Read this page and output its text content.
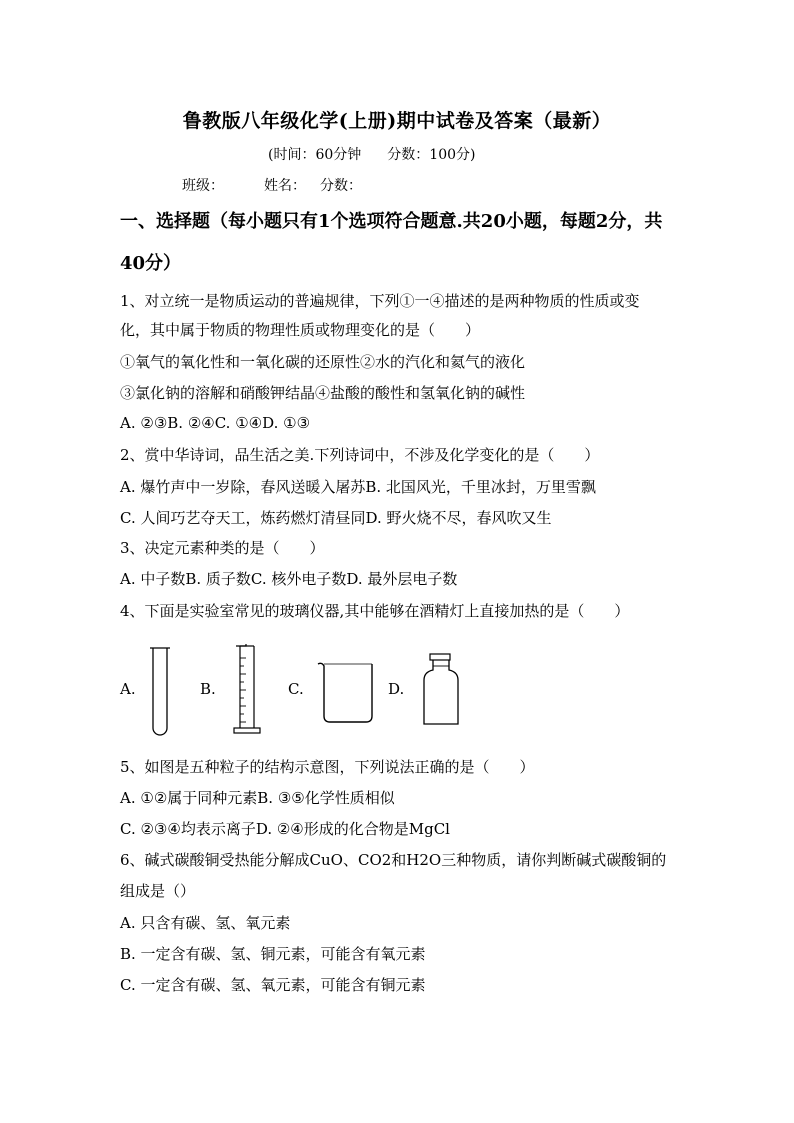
鲁教版八年级化学(上册)期中试卷及答案（最新）
(时间：60分钟 分数：100分)
班级：	姓名： 分数：
一、选择题（每小题只有1个选项符合题意.共20小题，每题2分，共
40分）
1、对立统一是物质运动的普遍规律，下列①一④描述的是两种物质的性质或变
化，其中属于物质的物理性质或物理变化的是（　　）
①氧气的氧化性和一氧化碳的还原性②水的汽化和氦气的液化
③氯化钠的溶解和硝酸钾结晶④盐酸的酸性和氢氧化钠的碱性
A. ②③B. ②④C. ①④D. ①③
2、赏中华诗词，品生活之美.下列诗词中，不涉及化学变化的是（　　）
A. 爆竹声中一岁除，春风送暖入屠苏B. 北国风光，千里冰封，万里雪飘
C. 人间巧艺夺天工，炼药燃灯清昼同D. 野火烧不尽，春风吹又生
3、决定元素种类的是（　　）
A. 中子数B. 质子数C. 核外电子数D. 最外层电子数
4、下面是实验室常见的玻璃仪器,其中能够在酒精灯上直接加热的是（　　）
A.	B.	C.	D.
5、如图是五种粒子的结构示意图，下列说法正确的是（　　）
A. ①②属于同种元素B. ③⑤化学性质相似
C. ②③④均表示离子D. ②④形成的化合物是MgCl
6、碱式碳酸铜受热能分解成CuO、CO2和H2O三种物质，请你判断碱式碳酸铜的
组成是（）
A. 只含有碳、氢、氧元素
B. 一定含有碳、氢、铜元素，可能含有氧元素
C. 一定含有碳、氢、氧元素，可能含有铜元素
